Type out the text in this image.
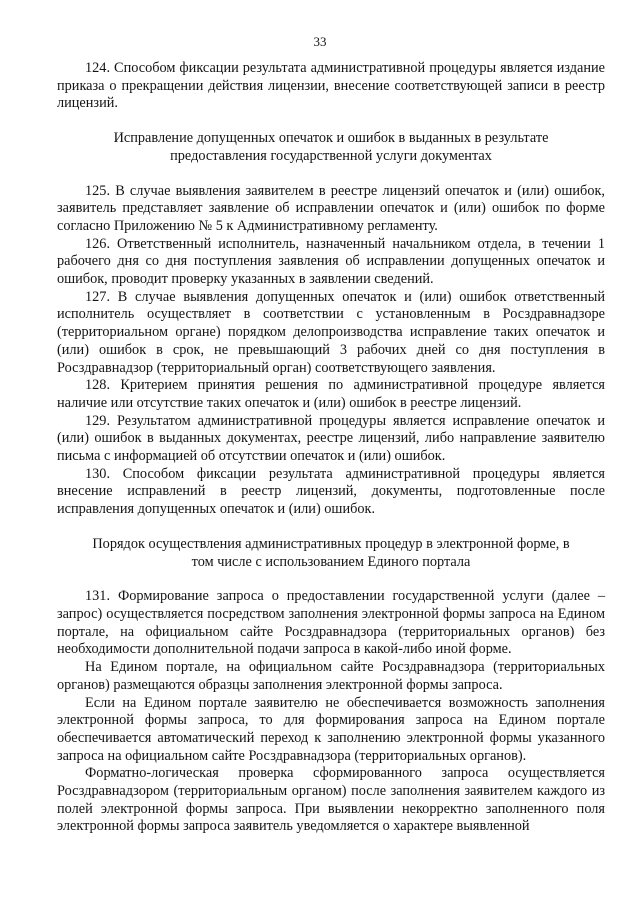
33

124. Способом фиксации результата административной процедуры является издание приказа о прекращении действия лицензии, внесение соответствующей записи в реестр лицензий.

Исправление допущенных опечаток и ошибок в выданных в результате предоставления государственной услуги документах

125. В случае выявления заявителем в реестре лицензий опечаток и (или) ошибок, заявитель представляет заявление об исправлении опечаток и (или) ошибок по форме согласно Приложению № 5 к Административному регламенту.

126. Ответственный исполнитель, назначенный начальником отдела, в течении 1 рабочего дня со дня поступления заявления об исправлении допущенных опечаток и ошибок, проводит проверку указанных в заявлении сведений.

127. В случае выявления допущенных опечаток и (или) ошибок ответственный исполнитель осуществляет в соответствии с установленным в Росздравнадзоре (территориальном органе) порядком делопроизводства исправление таких опечаток и (или) ошибок в срок, не превышающий 3 рабочих дней со дня поступления в Росздравнадзор (территориальный орган) соответствующего заявления.

128. Критерием принятия решения по административной процедуре является наличие или отсутствие таких опечаток и (или) ошибок в реестре лицензий.

129. Результатом административной процедуры является исправление опечаток и (или) ошибок в выданных документах, реестре лицензий, либо направление заявителю письма с информацией об отсутствии опечаток и (или) ошибок.

130. Способом фиксации результата административной процедуры является внесение исправлений в реестр лицензий, документы, подготовленные после исправления допущенных опечаток и (или) ошибок.

Порядок осуществления административных процедур в электронной форме, в том числе с использованием Единого портала

131. Формирование запроса о предоставлении государственной услуги (далее – запрос) осуществляется посредством заполнения электронной формы запроса на Едином портале, на официальном сайте Росздравнадзора (территориальных органов) без необходимости дополнительной подачи запроса в какой-либо иной форме.

На Едином портале, на официальном сайте Росздравнадзора (территориальных органов) размещаются образцы заполнения электронной формы запроса.

Если на Едином портале заявителю не обеспечивается возможность заполнения электронной формы запроса, то для формирования запроса на Едином портале обеспечивается автоматический переход к заполнению электронной формы указанного запроса на официальном сайте Росздравнадзора (территориальных органов).

Форматно-логическая проверка сформированного запроса осуществляется Росздравнадзором (территориальным органом) после заполнения заявителем каждого из полей электронной формы запроса. При выявлении некорректно заполненного поля электронной формы запроса заявитель уведомляется о характере выявленной
